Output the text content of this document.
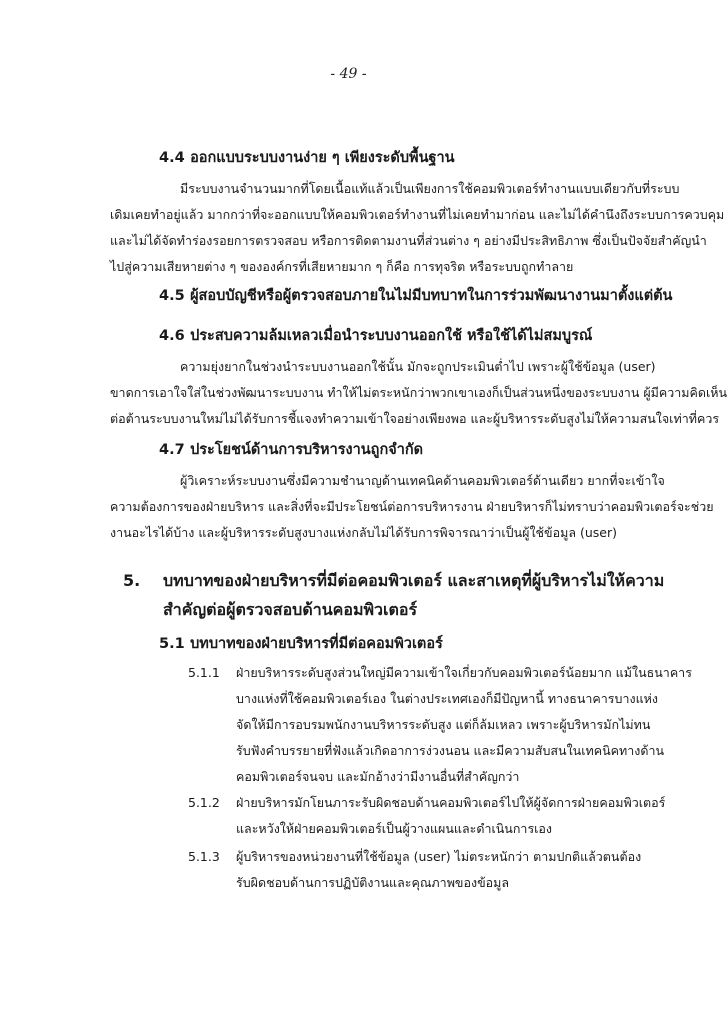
- 49 -
4.4 ออกแบบระบบงานง่าย ๆ เพียงระดับพื้นฐาน
มีระบบงานจำนวนมากที่โดยเนื้อแท้แล้วเป็นเพียงการใช้คอมพิวเตอร์ทำงานแบบเดียวกับที่ระบบ
เดิมเคยทำอยู่แล้ว มากกว่าที่จะออกแบบให้คอมพิวเตอร์ทำงานที่ไม่เคยทำมาก่อน และไม่ได้คำนึงถึงระบบการควบคุม
และไม่ได้จัดทำร่องรอยการตรวจสอบ หรือการติดตามงานที่ส่วนต่าง ๆ อย่างมีประสิทธิภาพ ซึ่งเป็นปัจจัยสำคัญนำ
ไปสู่ความเสียหายต่าง ๆ ขององค์กรที่เสียหายมาก ๆ ก็คือ การทุจริต หรือระบบถูกทำลาย
4.5 ผู้สอบบัญชีหรือผู้ตรวจสอบภายในไม่มีบทบาทในการร่วมพัฒนางานมาตั้งแต่ต้น
4.6 ประสบความล้มเหลวเมื่อนำระบบงานออกใช้ หรือใช้ได้ไม่สมบูรณ์
ความยุ่งยากในช่วงนำระบบงานออกใช้นั้น มักจะถูกประเมินต่ำไป เพราะผู้ใช้ข้อมูล (user)
ขาดการเอาใจใส่ในช่วงพัฒนาระบบงาน ทำให้ไม่ตระหนักว่าพวกเขาเองก็เป็นส่วนหนึ่งของระบบงาน ผู้มีความคิดเห็น
ต่อต้านระบบงานใหม่ไม่ได้รับการชี้แจงทำความเข้าใจอย่างเพียงพอ และผู้บริหารระดับสูงไม่ให้ความสนใจเท่าที่ควร
4.7 ประโยชน์ด้านการบริหารงานถูกจำกัด
ผู้วิเคราะห์ระบบงานซึ่งมีความชำนาญด้านเทคนิคด้านคอมพิวเตอร์ด้านเดียว ยากที่จะเข้าใจ
ความต้องการของฝ่ายบริหาร และสิ่งที่จะมีประโยชน์ต่อการบริหารงาน ฝ่ายบริหารก็ไม่ทราบว่าคอมพิวเตอร์จะช่วย
งานอะไรได้บ้าง และผู้บริหารระดับสูงบางแห่งกลับไม่ได้รับการพิจารณาว่าเป็นผู้ใช้ข้อมูล (user)
5.	บทบาทของฝ่ายบริหารที่มีต่อคอมพิวเตอร์ และสาเหตุที่ผู้บริหารไม่ให้ความ
สำคัญต่อผู้ตรวจสอบด้านคอมพิวเตอร์
5.1 บทบาทของฝ่ายบริหารที่มีต่อคอมพิวเตอร์
5.1.1	ฝ่ายบริหารระดับสูงส่วนใหญ่มีความเข้าใจเกี่ยวกับคอมพิวเตอร์น้อยมาก แม้ในธนาคาร
บางแห่งที่ใช้คอมพิวเตอร์เอง ในต่างประเทศเองก็มีปัญหานี้ ทางธนาคารบางแห่ง
จัดให้มีการอบรมพนักงานบริหารระดับสูง แต่ก็ล้มเหลว เพราะผู้บริหารมักไม่ทน
รับฟังคำบรรยายที่ฟังแล้วเกิดอาการง่วงนอน และมีความสับสนในเทคนิคทางด้าน
คอมพิวเตอร์จนจบ และมักอ้างว่ามีงานอื่นที่สำคัญกว่า
5.1.2	ฝ่ายบริหารมักโยนภาระรับผิดชอบด้านคอมพิวเตอร์ไปให้ผู้จัดการฝ่ายคอมพิวเตอร์
และหวังให้ฝ่ายคอมพิวเตอร์เป็นผู้วางแผนและดำเนินการเอง
5.1.3	ผู้บริหารของหน่วยงานที่ใช้ข้อมูล (user) ไม่ตระหนักว่า ตามปกติแล้วตนต้อง
รับผิดชอบด้านการปฏิบัติงานและคุณภาพของข้อมูล
